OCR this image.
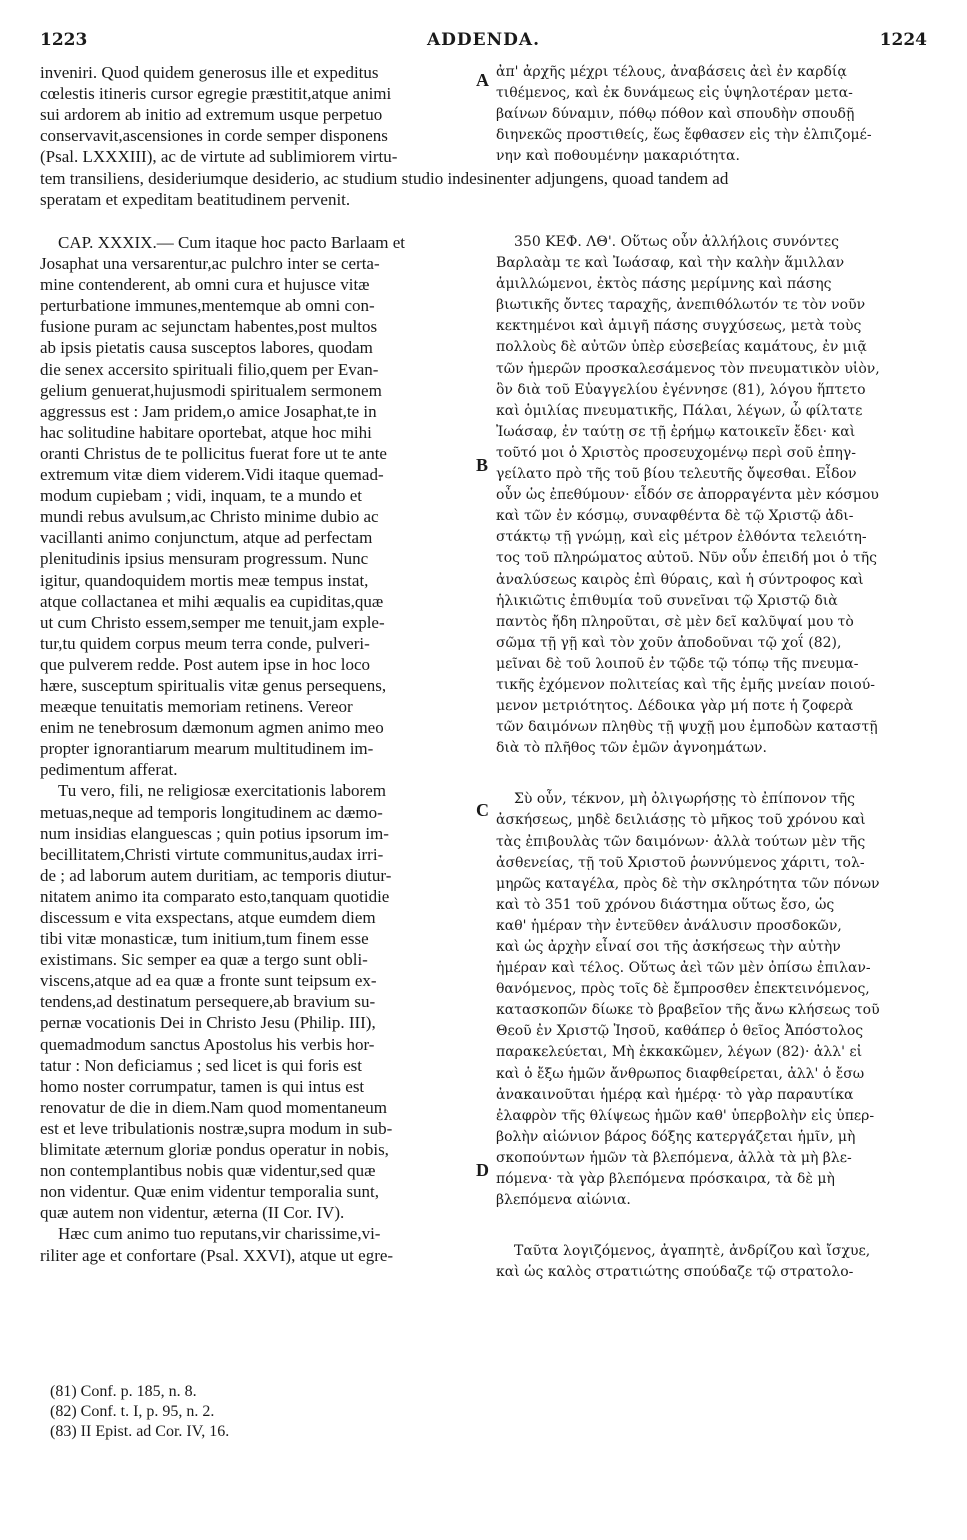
1223	ADDENDA.	1224
inveniri. Quod quidem generosus ille et expeditus
cœlestis itineris cursor egregie præstitit,atque animi
sui ardorem ab initio ad extremum usque perpetuo
conservavit,ascensiones in corde semper disponens
(Psal. LXXXIII), ac de virtute ad sublimiorem virtu-
ἀπ' ἀρχῆς μέχρι τέλους, ἀναβάσεις ἀεὶ ἐν καρδίᾳ
τιθέμενος, καὶ ἐκ δυνάμεως εἰς ὑψηλοτέραν μετα-
βαίνων δύναμιν, πόθῳ πόθον καὶ σπουδὴν σπουδῇ
διηνεκῶς προστιθείς, ἕως ἔφθασεν εἰς τὴν ἐλπιζομέ-
νην καὶ ποθουμένην μακαριότητα.
tem transiliens, desideriumque desiderio, ac studium studio indesinenter adjungens, quoad tandem ad
speratam et expeditam beatitudinem pervenit.
CAP. XXXIX.— Cum itaque hoc pacto Barlaam et
Josaphat una versarentur,ac pulchro inter se certa-
mine contenderent, ab omni cura et hujusce vitæ
perturbatione immunes,mentemque ab omni con-
fusione puram ac sejunctam habentes,post multos
ab ipsis pietatis causa susceptos labores, quodam
die senex accersito spirituali filio,quem per Evan-
gelium genuerat,hujusmodi spiritualem sermonem
aggressus est : Jam pridem,o amice Josaphat,te in
hac solitudine habitare oportebat, atque hoc mihi
oranti Christus de te pollicitus fuerat fore ut te ante
extremum vitæ diem viderem.Vidi itaque quemad-
modum cupiebam ; vidi, inquam, te a mundo et
mundi rebus avulsum,ac Christo minime dubio ac
vacillanti animo conjunctum, atque ad perfectam
plenitudinis ipsius mensuram progressum. Nunc
igitur, quandoquidem mortis meæ tempus instat,
atque collactanea et mihi æqualis ea cupiditas,quæ
ut cum Christo essem,semper me tenuit,jam exple-
tur,tu quidem corpus meum terra conde, pulveri-
que pulverem redde. Post autem ipse in hoc loco
hære, susceptum spiritualis vitæ genus persequens,
meæque tenuitatis memoriam retinens. Vereor
enim ne tenebrosum dæmonum agmen animo meo
propter ignorantiarum mearum multitudinem im-
pedimentum afferat.
Tu vero, fili, ne religiosæ exercitationis laborem
metuas,neque ad temporis longitudinem ac dæmo-
num insidias elanguescas ; quin potius ipsorum im-
becillitatem,Christi virtute communitus,audax irri-
de ; ad laborum autem duritiam, ac temporis diutur-
nitatem animo ita comparato esto,tanquam quotidie
discessum e vita exspectans, atque eumdem diem
tibi vitæ monasticæ, tum initium,tum finem esse
existimans. Sic semper ea quæ a tergo sunt obli-
viscens,atque ad ea quæ a fronte sunt teipsum ex-
tendens,ad destinatum persequere,ab bravium su-
pernæ vocationis Dei in Christo Jesu (Philip. III),
quemadmodum sanctus Apostolus his verbis hor-
tatur : Non deficiamus ; sed licet is qui foris est
homo noster corrumpatur, tamen is qui intus est
renovatur de die in diem.Nam quod momentaneum
est et leve tribulationis nostræ,supra modum in sub-
blimitate æternum gloriæ pondus operatur in nobis,
non contemplantibus nobis quæ videntur,sed quæ
non videntur. Quæ enim videntur temporalia sunt,
quæ autem non videntur, æterna (II Cor. IV).
Hæc cum animo tuo reputans,vir charissime,vi-
riliter age et confortare (Psal. XXVI), atque ut egre-
350 ΚΕΦ. ΛΘ'. Οὕτως οὖν ἀλλήλοις συνόντες
Βαρλαὰμ τε καὶ Ἰωάσαφ, καὶ τὴν καλὴν ἅμιλλαν
ἁμιλλώμενοι, ἐκτὸς πάσης μερίμνης καὶ πάσης
βιωτικῆς ὄντες ταραχῆς, ἀνεπιθόλωτόν τε τὸν νοῦν
κεκτημένοι καὶ ἀμιγῆ πάσης συγχύσεως, μετὰ τοὺς
πολλοὺς δὲ αὐτῶν ὑπὲρ εὐσεβείας καμάτους, ἐν μιᾷ
τῶν ἡμερῶν προσκαλεσάμενος τὸν πνευματικὸν υἱὸν,
ὃν διὰ τοῦ Εὐαγγελίου ἐγέννησε (81), λόγου ἥπτετο
καὶ ὁμιλίας πνευματικῆς, Πάλαι, λέγων, ὦ φίλτατε
Ἰωάσαφ, ἐν ταύτῃ σε τῇ ἐρήμῳ κατοικεῖν ἔδει· καὶ
τοῦτό μοι ὁ Χριστὸς προσευχομένῳ περὶ σοῦ ἐπηγ-
γείλατο πρὸ τῆς τοῦ βίου τελευτῆς ὄψεσθαι. Εἶδον
οὖν ὡς ἐπεθύμουν· εἶδόν σε ἀπορραγέντα μὲν κόσμου
καὶ τῶν ἐν κόσμῳ, συναφθέντα δὲ τῷ Χριστῷ ἀδι-
στάκτῳ τῇ γνώμῃ, καὶ εἰς μέτρον ἐλθόντα τελειότη-
τος τοῦ πληρώματος αὐτοῦ. Νῦν οὖν ἐπειδή μοι ὁ τῆς
ἀναλύσεως καιρὸς ἐπὶ θύραις, καὶ ἡ σύντροφος καὶ
ἡλικιῶτις ἐπιθυμία τοῦ συνεῖναι τῷ Χριστῷ διὰ
παντὸς ἤδη πληροῦται, σὲ μὲν δεῖ καλῦψαί μου τὸ
σῶμα τῇ γῇ καὶ τὸν χοῦν ἀποδοῦναι τῷ χοΐ (82),
μεῖναι δὲ τοῦ λοιποῦ ἐν τῷδε τῷ τόπῳ τῆς πνευμα-
τικῆς ἐχόμενον πολιτείας καὶ τῆς ἐμῆς μνείαν ποιού-
μενον μετριότητος. Δέδοικα γὰρ μή ποτε ἡ ζοφερὰ
τῶν δαιμόνων πληθὺς τῇ ψυχῇ μου ἐμποδὼν καταστῇ
διὰ τὸ πλῆθος τῶν ἐμῶν ἀγνοημάτων.
Σὺ οὖν, τέκνον, μὴ ὀλιγωρήσῃς τὸ ἐπίπονον τῆς
ἀσκήσεως, μηδὲ δειλιάσῃς τὸ μῆκος τοῦ χρόνου καὶ
τὰς ἐπιβουλὰς τῶν δαιμόνων· ἀλλὰ τούτων μὲν τῆς
ἀσθενείας, τῇ τοῦ Χριστοῦ ῥωννύμενος χάριτι, τολ-
μηρῶς καταγέλα, πρὸς δὲ τὴν σκληρότητα τῶν πόνων
καὶ τὸ 351 τοῦ χρόνου διάστημα οὕτως ἔσο, ὡς
καθ' ἡμέραν τὴν ἐντεῦθεν ἀνάλυσιν προσδοκῶν,
καὶ ὡς ἀρχὴν εἶναί σοι τῆς ἀσκήσεως τὴν αὐτὴν
ἡμέραν καὶ τέλος. Οὕτως ἀεὶ τῶν μὲν ὀπίσω ἐπιλαν-
θανόμενος, πρὸς τοῖς δὲ ἔμπροσθεν ἐπεκτεινόμενος,
κατασκοπῶν δίωκε τὸ βραβεῖον τῆς ἄνω κλήσεως τοῦ
Θεοῦ ἐν Χριστῷ Ἰησοῦ, καθάπερ ὁ θεῖος Ἀπόστολος
παρακελεύεται, Μὴ ἐκκακῶμεν, λέγων (82)· ἀλλ' εἰ
καὶ ὁ ἔξω ἡμῶν ἄνθρωπος διαφθείρεται, ἀλλ' ὁ ἔσω
ἀνακαινοῦται ἡμέρᾳ καὶ ἡμέρᾳ· τὸ γὰρ παραυτίκα
ἐλαφρὸν τῆς θλίψεως ἡμῶν καθ' ὑπερβολὴν εἰς ὑπερ-
βολὴν αἰώνιον βάρος δόξης κατεργάζεται ἡμῖν, μὴ
σκοπούντων ἡμῶν τὰ βλεπόμενα, ἀλλὰ τὰ μὴ βλε-
πόμενα· τὰ γὰρ βλεπόμενα πρόσκαιρα, τὰ δὲ μὴ
βλεπόμενα αἰώνια.
Ταῦτα λογιζόμενος, ἀγαπητὲ, ἀνδρίζου καὶ ἴσχυε,
καὶ ὡς καλὸς στρατιώτης σπούδαζε τῷ στρατολο-
A
B
C
D
(81) Conf. p. 185, n. 8.
(82) Conf. t. I, p. 95, n. 2.
(83) II Epist. ad Cor. IV, 16.
